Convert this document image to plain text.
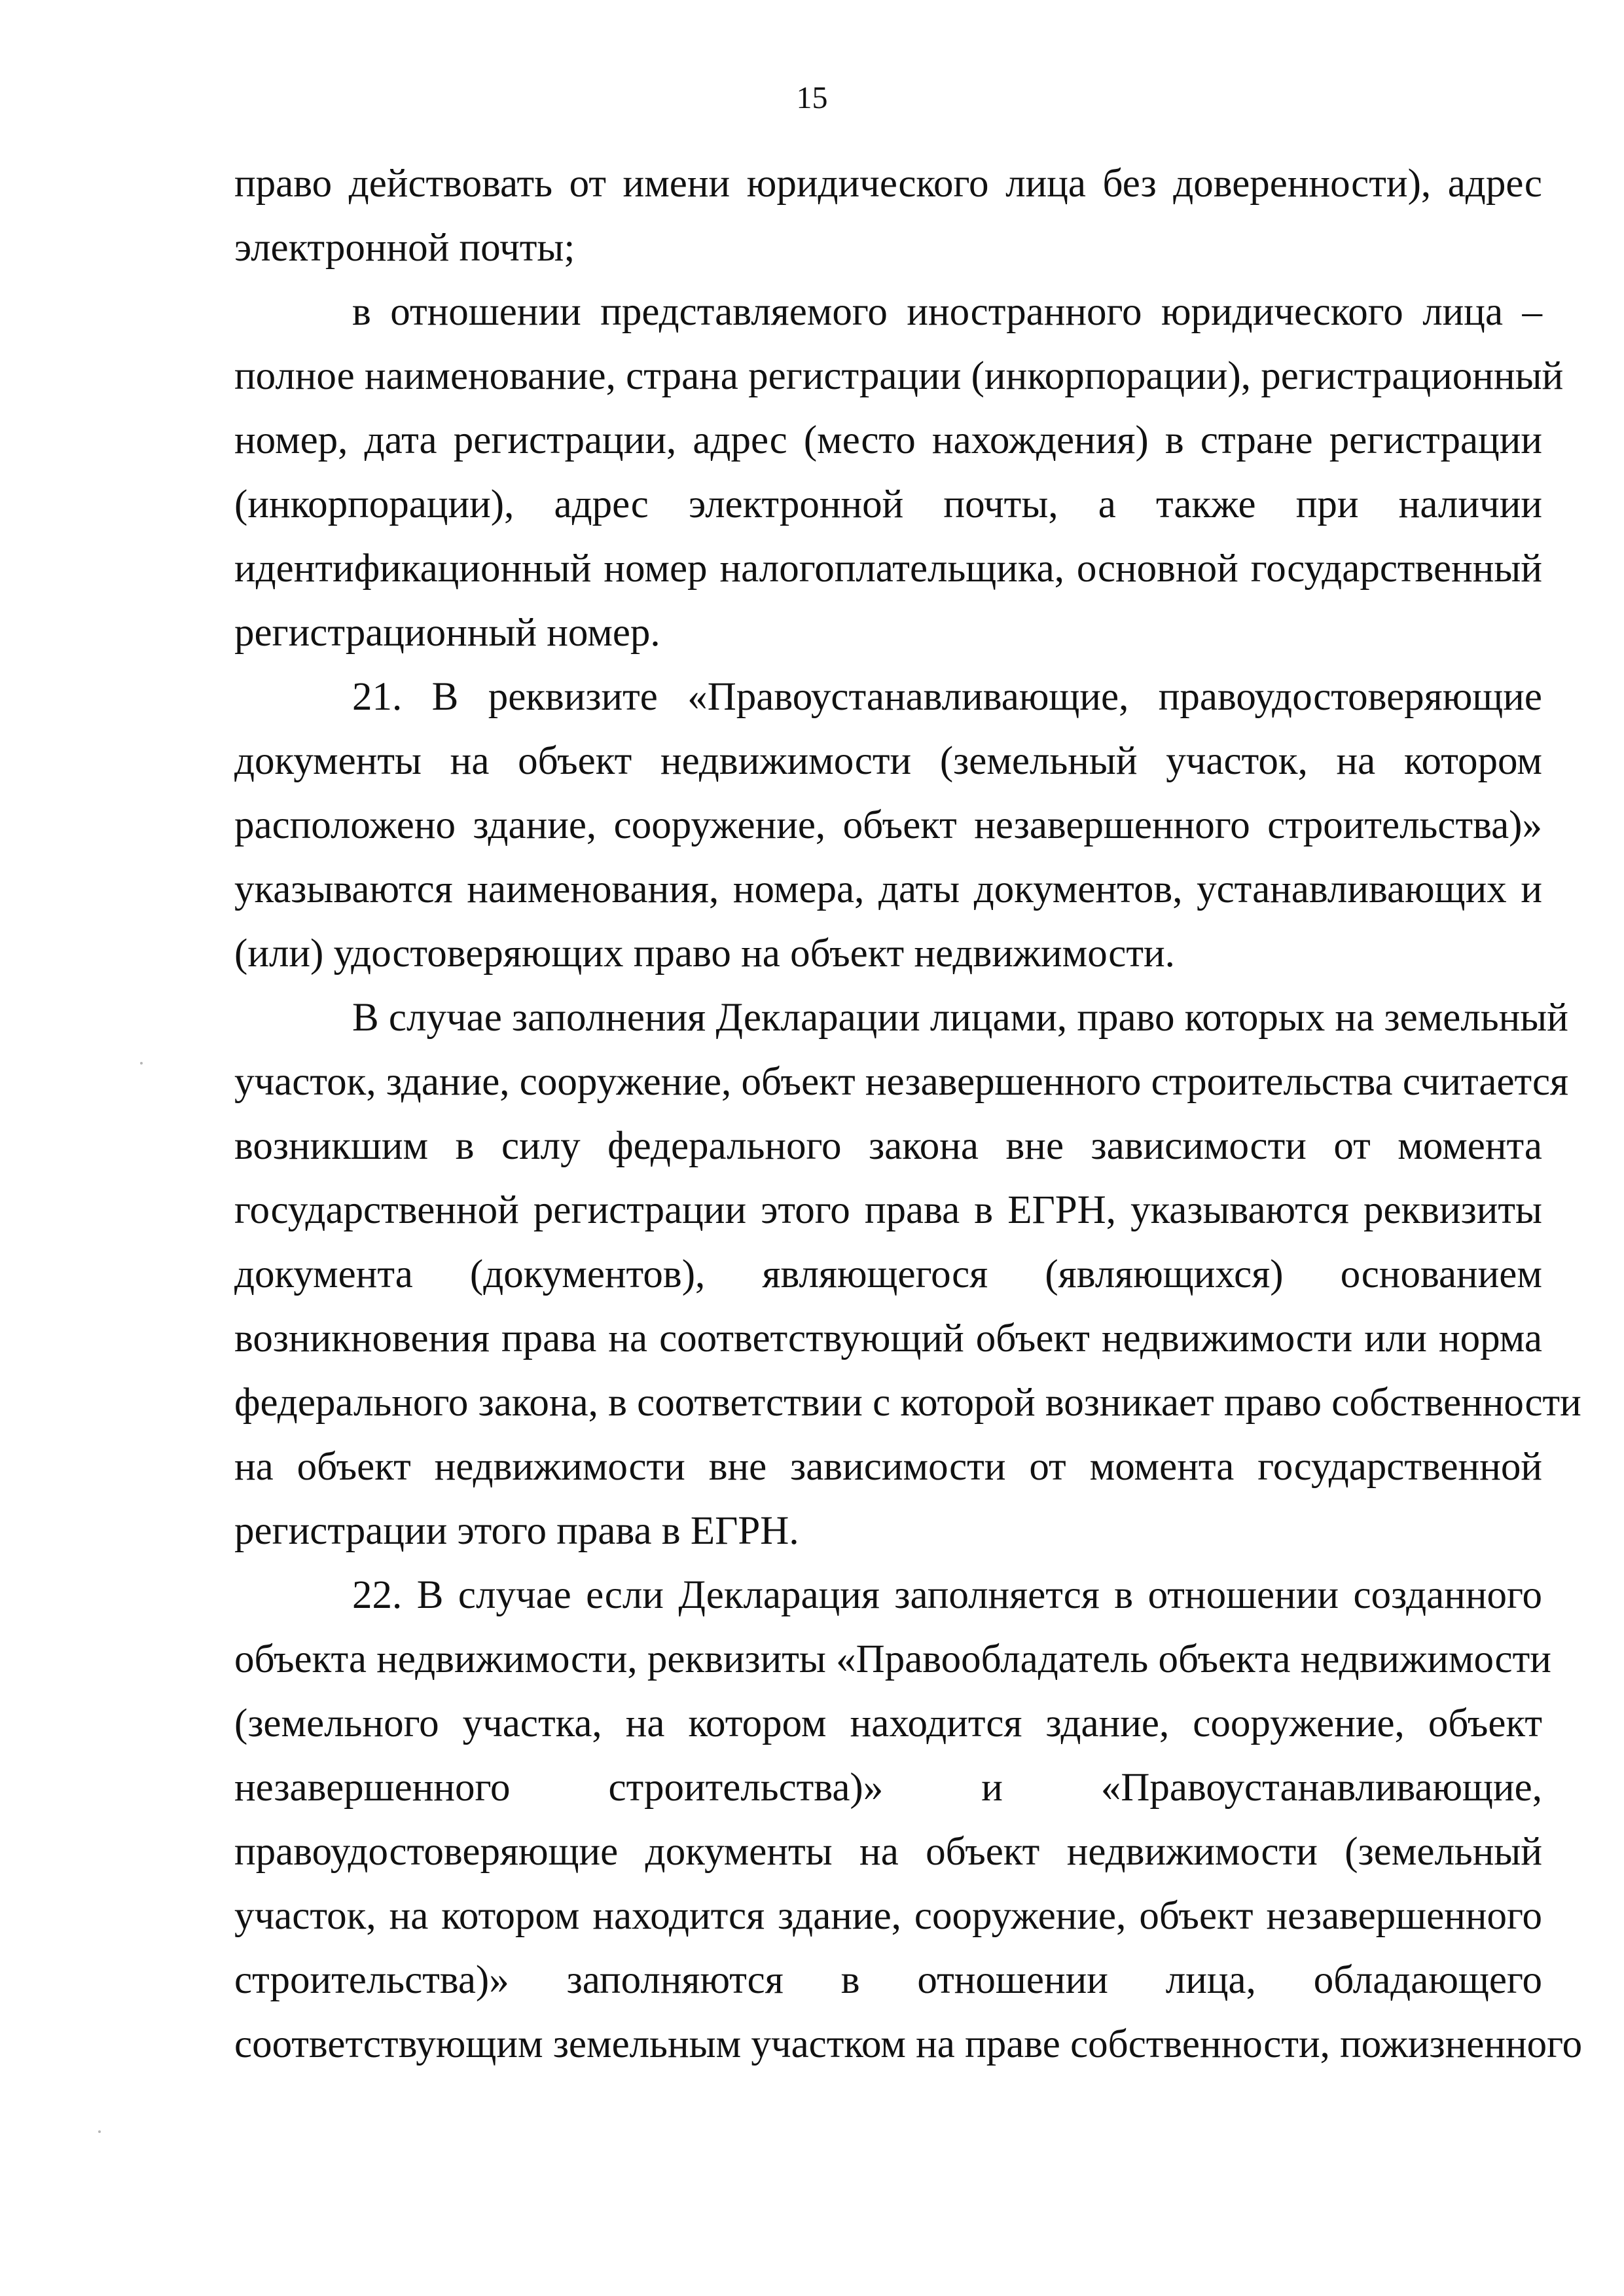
15
право действовать от имени юридического лица без доверенности), адрес
электронной почты;
в отношении представляемого иностранного юридического лица –
полное наименование, страна регистрации (инкорпорации), регистрационный
номер, дата регистрации, адрес (место нахождения) в стране регистрации
(инкорпорации), адрес электронной почты, а также при наличии
идентификационный номер налогоплательщика, основной государственный
регистрационный номер.
21. В реквизите «Правоустанавливающие, правоудостоверяющие
документы на объект недвижимости (земельный участок, на котором
расположено здание, сооружение, объект незавершенного строительства)»
указываются наименования, номера, даты документов, устанавливающих и
(или) удостоверяющих право на объект недвижимости.
В случае заполнения Декларации лицами, право которых на земельный
участок, здание, сооружение, объект незавершенного строительства считается
возникшим в силу федерального закона вне зависимости от момента
государственной регистрации этого права в ЕГРН, указываются реквизиты
документа (документов), являющегося (являющихся) основанием
возникновения права на соответствующий объект недвижимости или норма
федерального закона, в соответствии с которой возникает право собственности
на объект недвижимости вне зависимости от момента государственной
регистрации этого права в ЕГРН.
22. В случае если Декларация заполняется в отношении созданного
объекта недвижимости, реквизиты «Правообладатель объекта недвижимости
(земельного участка, на котором находится здание, сооружение, объект
незавершенного строительства)» и «Правоустанавливающие,
правоудостоверяющие документы на объект недвижимости (земельный
участок, на котором находится здание, сооружение, объект незавершенного
строительства)» заполняются в отношении лица, обладающего
соответствующим земельным участком на праве собственности, пожизненного
